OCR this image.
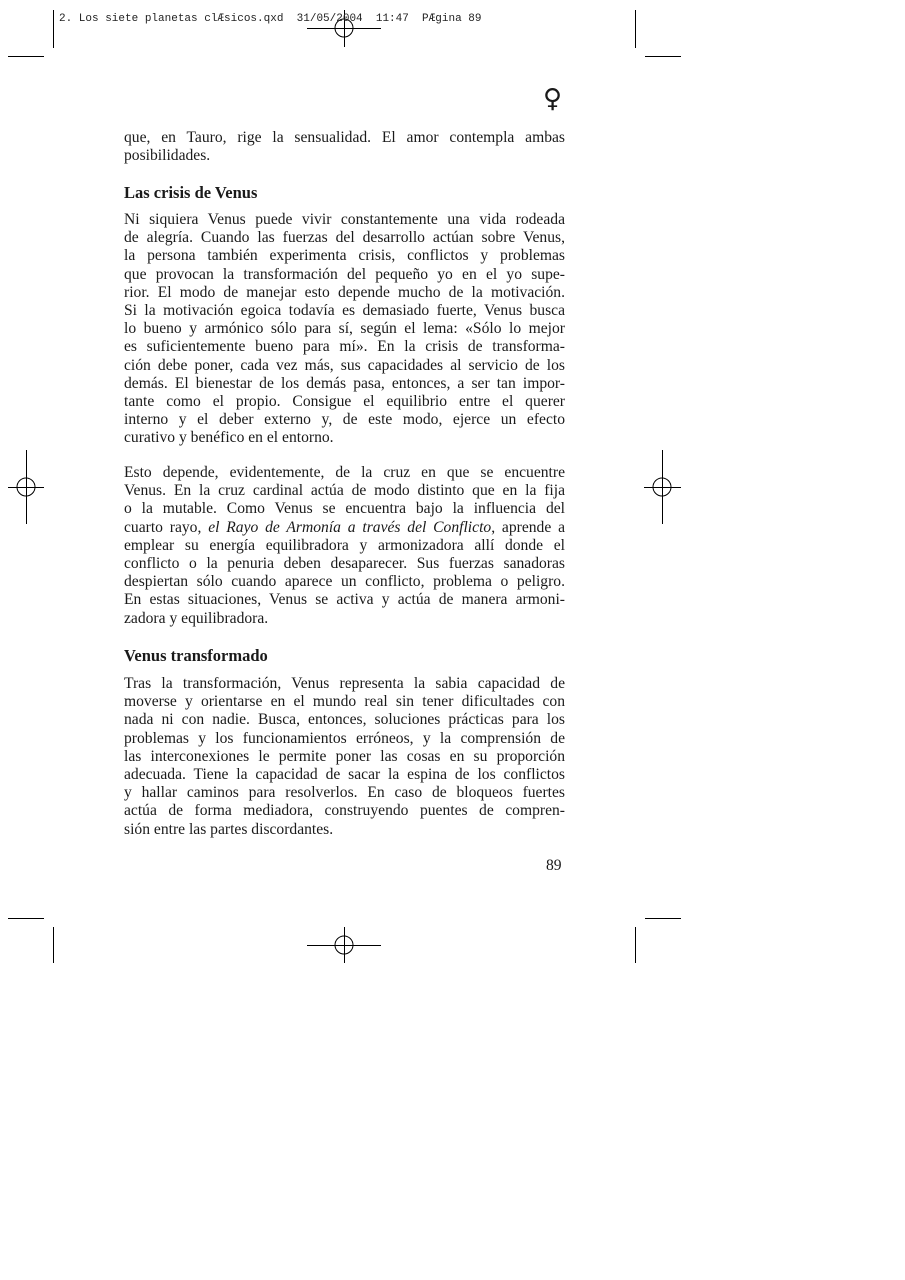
2. Los siete planetas clÆsicos.qxd  31/05/2004  11:47  PÆgina 89
♀
que, en Tauro, rige la sensualidad. El amor contempla ambas
posibilidades.
Las crisis de Venus
Ni siquiera Venus puede vivir constantemente una vida rodeada
de alegría. Cuando las fuerzas del desarrollo actúan sobre Venus,
la persona también experimenta crisis, conflictos y problemas
que provocan la transformación del pequeño yo en el yo supe-
rior. El modo de manejar esto depende mucho de la motivación.
Si la motivación egoica todavía es demasiado fuerte, Venus busca
lo bueno y armónico sólo para sí, según el lema: «Sólo lo mejor
es suficientemente bueno para mí». En la crisis de transforma-
ción debe poner, cada vez más, sus capacidades al servicio de los
demás. El bienestar de los demás pasa, entonces, a ser tan impor-
tante como el propio. Consigue el equilibrio entre el querer
interno y el deber externo y, de este modo, ejerce un efecto
curativo y benéfico en el entorno.
Esto depende, evidentemente, de la cruz en que se encuentre
Venus. En la cruz cardinal actúa de modo distinto que en la fija
o la mutable. Como Venus se encuentra bajo la influencia del
cuarto rayo, el Rayo de Armonía a través del Conflicto, aprende a
emplear su energía equilibradora y armonizadora allí donde el
conflicto o la penuria deben desaparecer. Sus fuerzas sanadoras
despiertan sólo cuando aparece un conflicto, problema o peligro.
En estas situaciones, Venus se activa y actúa de manera armoni-
zadora y equilibradora.
Venus transformado
Tras la transformación, Venus representa la sabia capacidad de
moverse y orientarse en el mundo real sin tener dificultades con
nada ni con nadie. Busca, entonces, soluciones prácticas para los
problemas y los funcionamientos erróneos, y la comprensión de
las interconexiones le permite poner las cosas en su proporción
adecuada. Tiene la capacidad de sacar la espina de los conflictos
y hallar caminos para resolverlos. En caso de bloqueos fuertes
actúa de forma mediadora, construyendo puentes de compren-
sión entre las partes discordantes.
89
